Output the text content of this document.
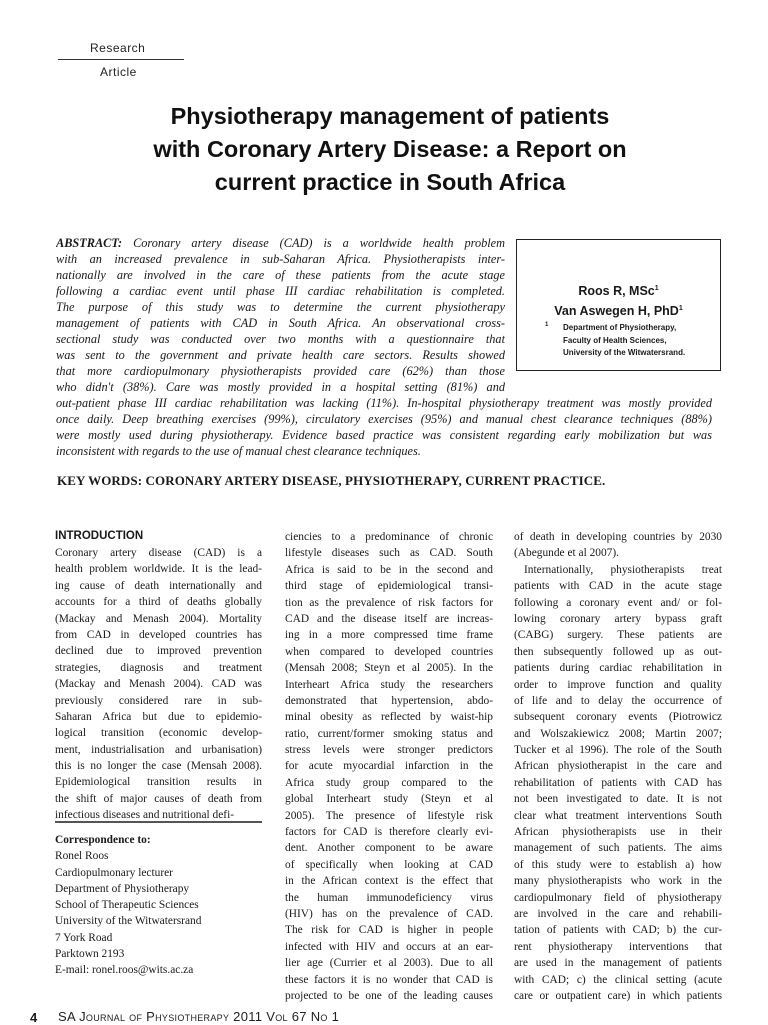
Research
Article
Physiotherapy management of patients
with Coronary Artery Disease: a Report on
current practice in South Africa
ABSTRACT: Coronary artery disease (CAD) is a worldwide health problem
with an increased prevalence in sub-Saharan Africa. Physiotherapists inter-
nationally are involved in the care of these patients from the acute stage
following a cardiac event until phase III cardiac rehabilitation is completed.
The purpose of this study was to determine the current physiotherapy
management of patients with CAD in South Africa. An observational cross-
sectional study was conducted over two months with a questionnaire that
was sent to the government and private health care sectors. Results showed
that more cardiopulmonary physiotherapists provided care (62%) than those
who didn't (38%). Care was mostly provided in a hospital setting (81%) and
out-patient phase III cardiac rehabilitation was lacking (11%). In-hospital physiotherapy treatment was mostly provided
once daily. Deep breathing exercises (99%), circulatory exercises (95%) and manual chest clearance techniques (88%)
were mostly used during physiotherapy. Evidence based practice was consistent regarding early mobilization but was
inconsistent with regards to the use of manual chest clearance techniques.
Roos R, MSc$^1$
Van Aswegen H, PhD$^1$
1 Department of Physiotherapy,
Faculty of Health Sciences,
University of the Witwatersrand.
KEY WORDS: CORONARY ARTERY DISEASE, PHYSIOTHERAPY, CURRENT PRACTICE.
INTRODUCTION
Coronary artery disease (CAD) is a
health problem worldwide. It is the lead-
ing cause of death internationally and
accounts for a third of deaths globally
(Mackay and Menash 2004). Mortality
from CAD in developed countries has
declined due to improved prevention
strategies, diagnosis and treatment
(Mackay and Menash 2004). CAD was
previously considered rare in sub-
Saharan Africa but due to epidemio-
logical transition (economic develop-
ment, industrialisation and urbanisation)
this is no longer the case (Mensah 2008).
Epidemiological transition results in
the shift of major causes of death from
infectious diseases and nutritional defi-
ciencies to a predominance of chronic
lifestyle diseases such as CAD. South
Africa is said to be in the second and
third stage of epidemiological transi-
tion as the prevalence of risk factors for
CAD and the disease itself are increas-
ing in a more compressed time frame
when compared to developed countries
(Mensah 2008; Steyn et al 2005). In the
Interheart Africa study the researchers
demonstrated that hypertension, abdo-
minal obesity as reflected by waist-hip
ratio, current/former smoking status and
stress levels were stronger predictors
for acute myocardial infarction in the
Africa study group compared to the
global Interheart study (Steyn et al
2005). The presence of lifestyle risk
factors for CAD is therefore clearly evi-
dent. Another component to be aware
of specifically when looking at CAD
in the African context is the effect that
the human immunodeficiency virus
(HIV) has on the prevalence of CAD.
The risk for CAD is higher in people
infected with HIV and occurs at an ear-
lier age (Currier et al 2003). Due to all
these factors it is no wonder that CAD is
projected to be one of the leading causes
of death in developing countries by 2030
(Abegunde et al 2007).
Internationally, physiotherapists treat
patients with CAD in the acute stage
following a coronary event and/ or fol-
lowing coronary artery bypass graft
(CABG) surgery. These patients are
then subsequently followed up as out-
patients during cardiac rehabilitation in
order to improve function and quality
of life and to delay the occurrence of
subsequent coronary events (Piotrowicz
and Wolszakiewicz 2008; Martin 2007;
Tucker et al 1996). The role of the South
African physiotherapist in the care and
rehabilitation of patients with CAD has
not been investigated to date. It is not
clear what treatment interventions South
African physiotherapists use in their
management of such patients. The aims
of this study were to establish a) how
many physiotherapists who work in the
cardiopulmonary field of physiotherapy
are involved in the care and rehabili-
tation of patients with CAD; b) the cur-
rent physiotherapy interventions that
are used in the management of patients
with CAD; c) the clinical setting (acute
care or outpatient care) in which patients
Correspondence to:
Ronel Roos
Cardiopulmonary lecturer
Department of Physiotherapy
School of Therapeutic Sciences
University of the Witwatersrand
7 York Road
Parktown 2193
E-mail: ronel.roos@wits.ac.za
4 SA Journal of Physiotherapy 2011 Vol 67 No 1
